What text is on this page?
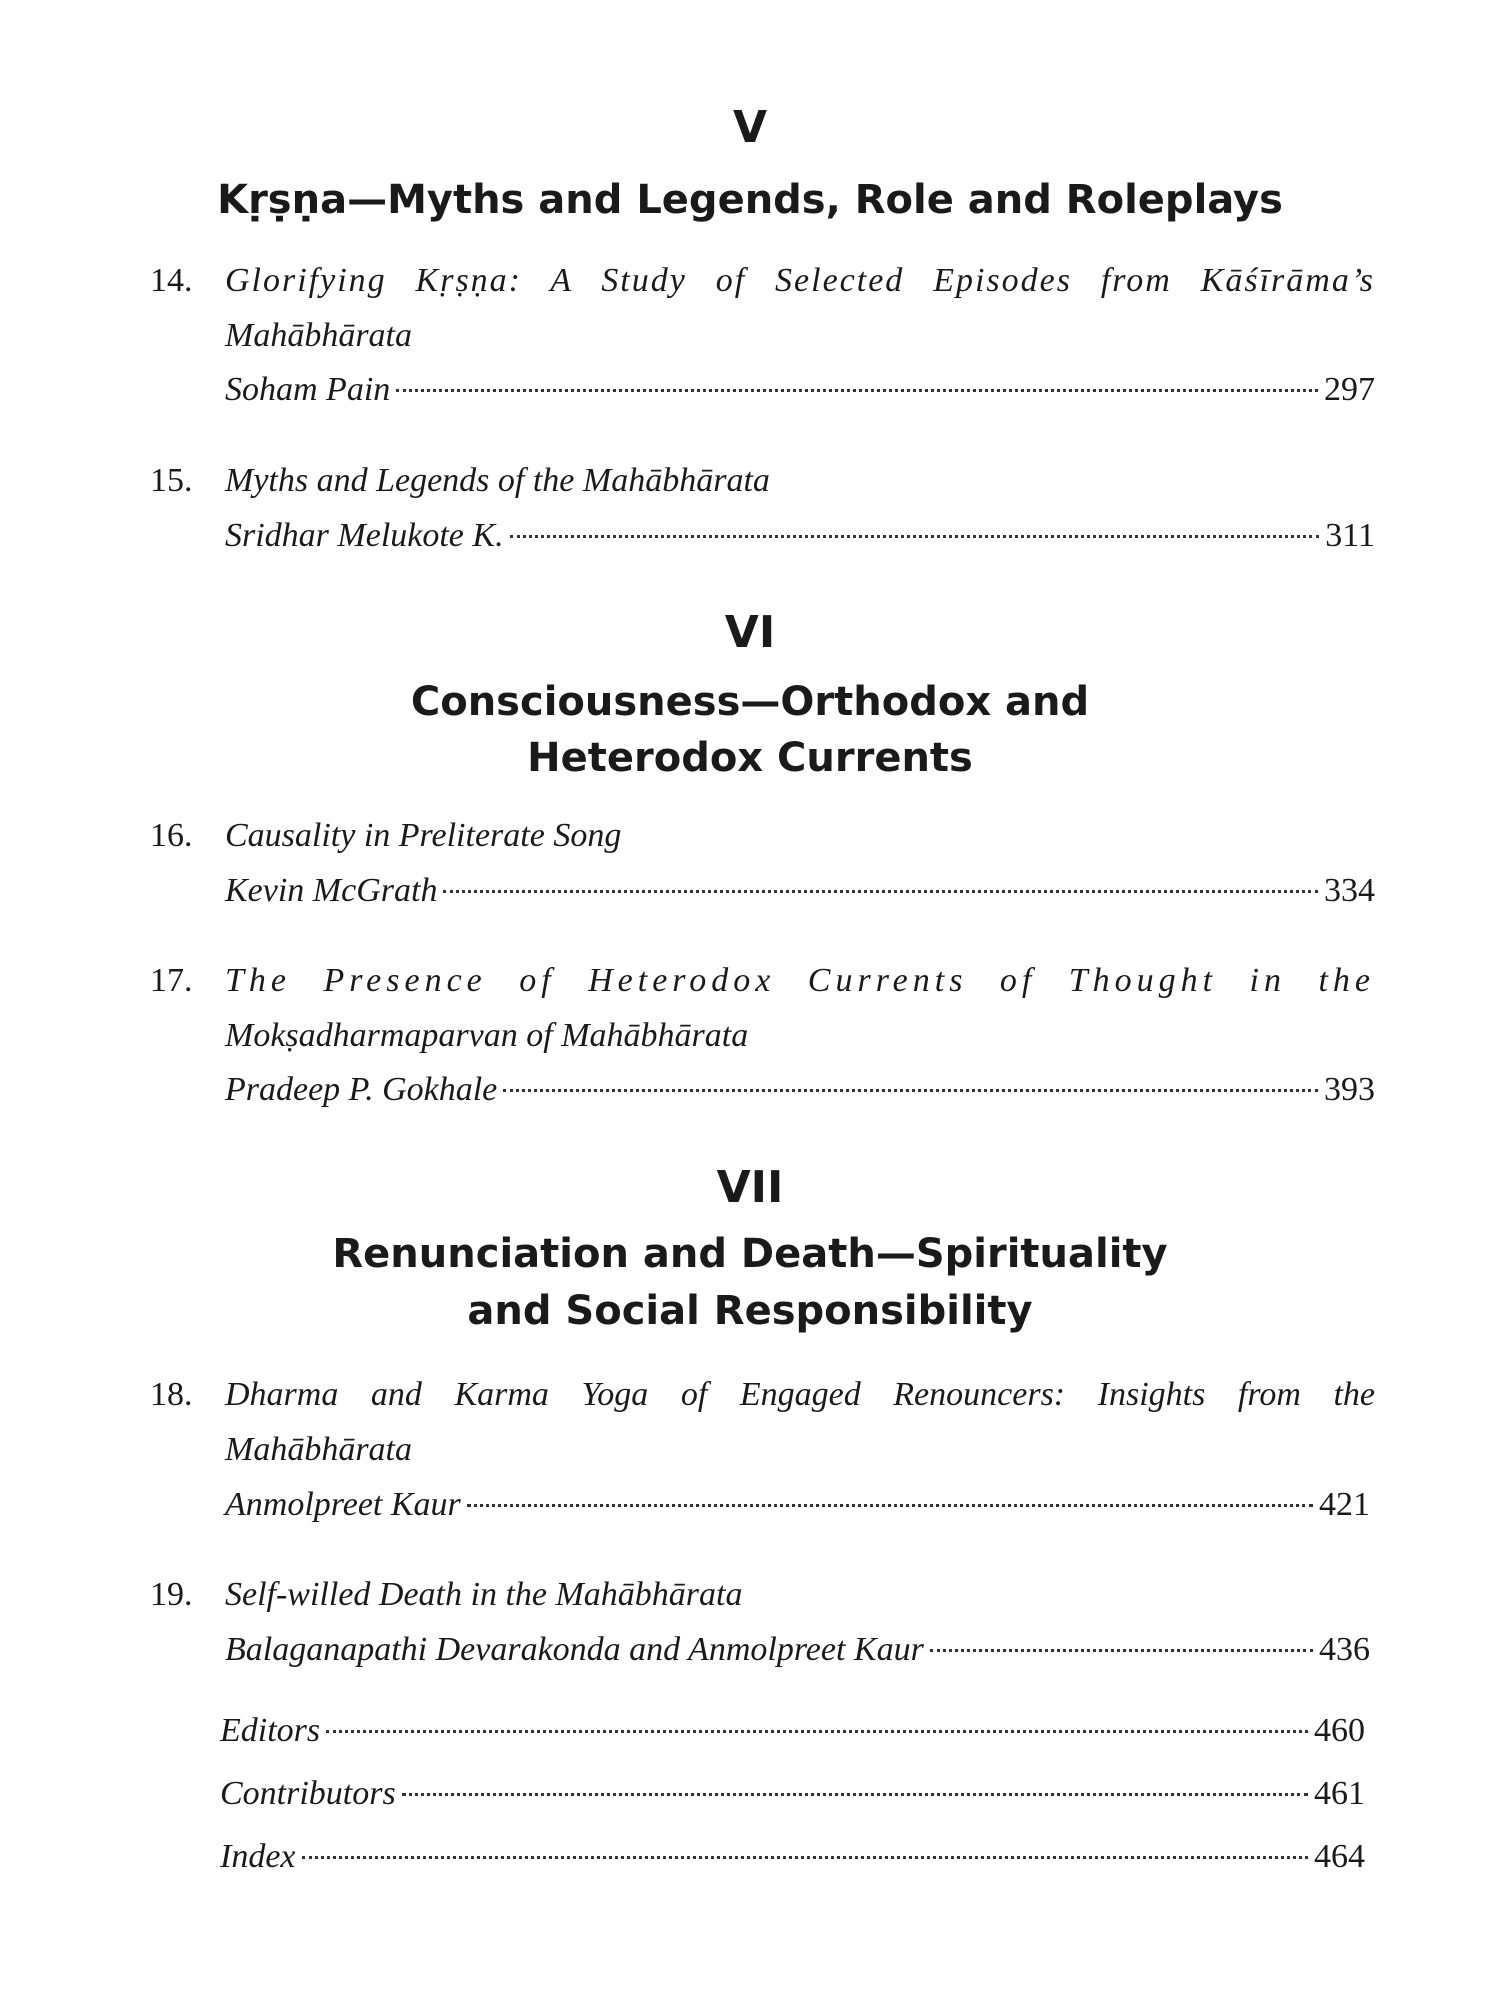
V
Kṛṣṇa—Myths and Legends, Role and Roleplays
14. Glorifying Kṛṣṇa: A Study of Selected Episodes from Kāśīrāma’s
Mahābhārata
Soham Pain	297
15. Myths and Legends of the Mahābhārata
Sridhar Melukote K.	311
VI
Consciousness—Orthodox and
Heterodox Currents
16. Causality in Preliterate Song
Kevin McGrath	334
17. The Presence of Heterodox Currents of Thought in the
Mokṣadharmaparvan of Mahābhārata
Pradeep P. Gokhale	393
VII
Renunciation and Death—Spirituality
and Social Responsibility
18. Dharma and Karma Yoga of Engaged Renouncers: Insights from the
Mahābhārata
Anmolpreet Kaur	421
19. Self-willed Death in the Mahābhārata
Balaganapathi Devarakonda and Anmolpreet Kaur	436
Editors	460
Contributors	461
Index	464
